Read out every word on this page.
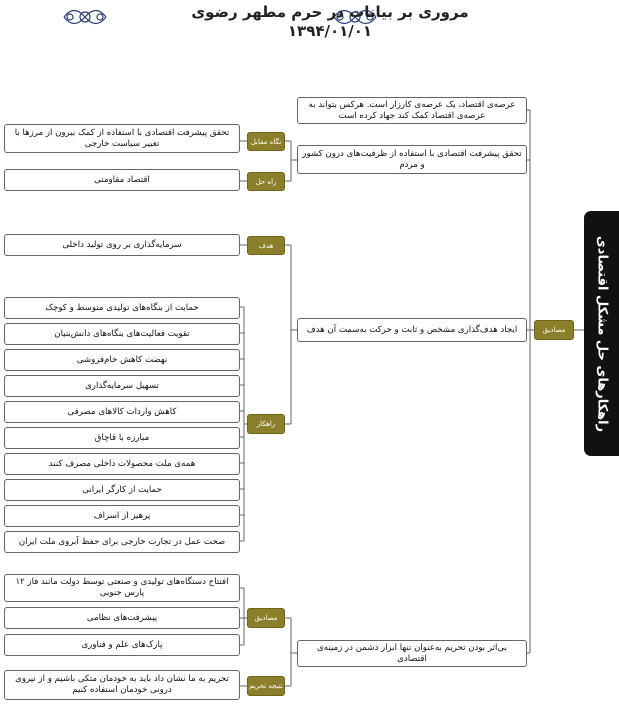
مروری بر بیانات در حرم مطهر رضوی
۱۳۹۴/۰۱/۰۱
راهکارهای حل مشکل اقتصادی
مصادیق
عرصه‌ی اقتصاد، یک عرصه‌ی کارزار است. هرکس بتواند به عرصه‌ی اقتصاد کمک کند جهاد کرده است
تحقق پیشرفت اقتصادی با استفاده از ظرفیت‌های درون کشور و مردم
ایجاد هدف‌گذاری مشخص و ثابت و حرکت به‌سمت آن هدف
بی‌اثر بودن تحریم به‌عنوان تنها ابزار دشمن در زمینه‌ی اقتصادی
نگاه مقابل
راه حل
هدف
راهکار
مصادیق
نتیجه تحریم
تحقق پیشرفت اقتصادی با استفاده از کمک بیرون از مرزها با تغییر سیاست خارجی
اقتصاد مقاومتی
سرمایه‌گذاری بر روی تولید داخلی
حمایت از بنگاه‌های تولیدی متوسط و کوچک
تقویت فعالیت‌های بنگاه‌های دانش‌بنیان
نهضت کاهش خام‌فروشی
تسهیل سرمایه‌گذاری
کاهش واردات کالاهای مصرفی
مبارزه با قاچاق
همه‌ی ملت محصولات داخلی مصرف کنند
حمایت از کارگر ایرانی
پرهیز از اسراف
صحت عمل در تجارت خارجی برای حفظ آبروی ملت ایران
افتتاح دستگاه‌های تولیدی و صنعتی توسط دولت مانند فاز ۱۲ پارس جنوبی
پیشرفت‌های نظامی
پارک‌های علم و فناوری
تحریم به ما نشان داد باید به خودمان متکی باشیم و از نیروی درونی خودمان استفاده کنیم
